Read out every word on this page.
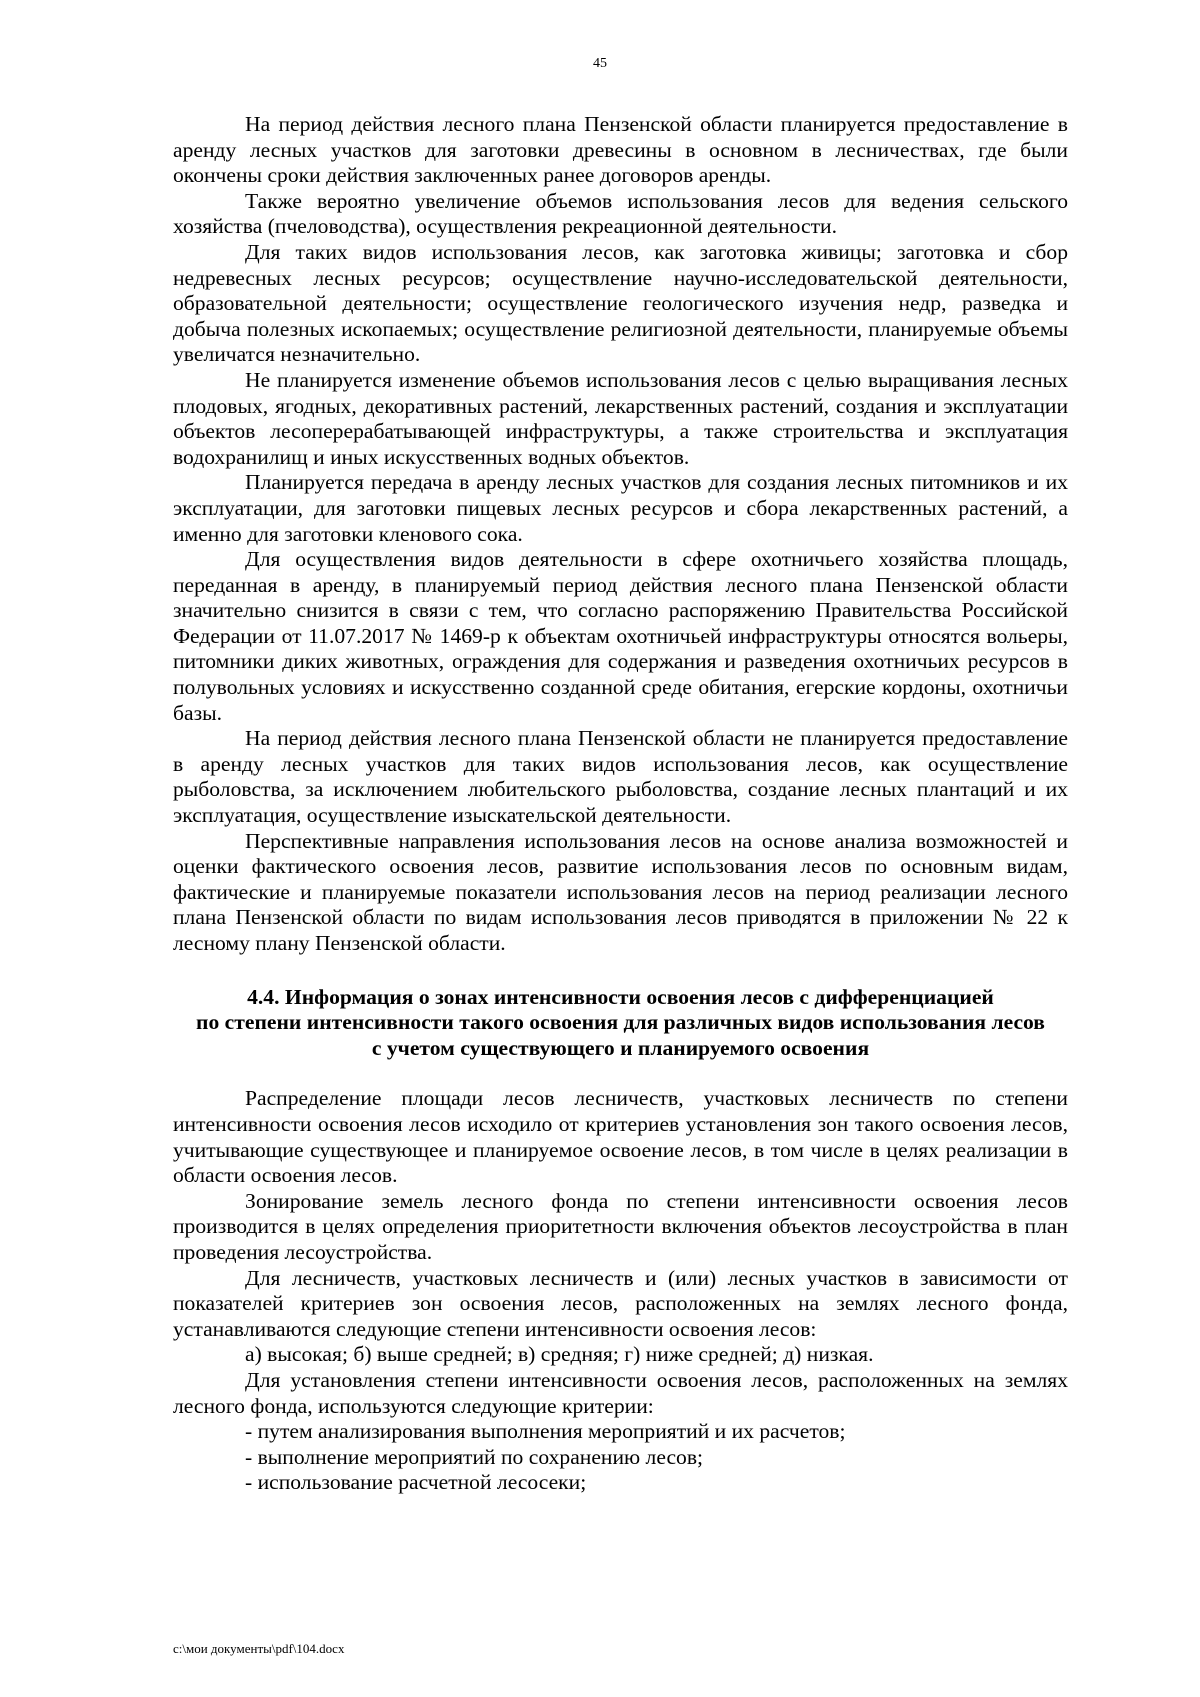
45

На период действия лесного плана Пензенской области планируется предоставление в аренду лесных участков для заготовки древесины в основном в лесничествах, где были окончены сроки действия заключенных ранее договоров аренды.

Также вероятно увеличение объемов использования лесов для ведения сельского хозяйства (пчеловодства), осуществления рекреационной деятельности.

Для таких видов использования лесов, как заготовка живицы; заготовка и сбор недревесных лесных ресурсов; осуществление научно-исследовательской деятельности, образовательной деятельности; осуществление геологического изучения недр, разведка и добыча полезных ископаемых; осуществление религиозной деятельности, планируемые объемы увеличатся незначительно.

Не планируется изменение объемов использования лесов с целью выращивания лесных плодовых, ягодных, декоративных растений, лекарственных растений, создания и эксплуатации объектов лесоперерабатывающей инфраструктуры, а также строительства и эксплуатация водохранилищ и иных искусственных водных объектов.

Планируется передача в аренду лесных участков для создания лесных питомников и их эксплуатации, для заготовки пищевых лесных ресурсов и сбора лекарственных растений, а именно для заготовки кленового сока.

Для осуществления видов деятельности в сфере охотничьего хозяйства площадь, переданная в аренду, в планируемый период действия лесного плана Пензенской области значительно снизится в связи с тем, что согласно распоряжению Правительства Российской Федерации от 11.07.2017 № 1469-р к объектам охотничьей инфраструктуры относятся вольеры, питомники диких животных, ограждения для содержания и разведения охотничьих ресурсов в полувольных условиях и искусственно созданной среде обитания, егерские кордоны, охотничьи базы.

На период действия лесного плана Пензенской области не планируется предоставление в аренду лесных участков для таких видов использования лесов, как осуществление рыболовства, за исключением любительского рыболовства, создание лесных плантаций и их эксплуатация, осуществление изыскательской деятельности.

Перспективные направления использования лесов на основе анализа возможностей и оценки фактического освоения лесов, развитие использования лесов по основным видам, фактические и планируемые показатели использования лесов на период реализации лесного плана Пензенской области по видам использования лесов приводятся в приложении № 22 к лесному плану Пензенской области.

4.4. Информация о зонах интенсивности освоения лесов с дифференциацией
по степени интенсивности такого освоения для различных видов использования лесов
с учетом существующего и планируемого освоения

Распределение площади лесов лесничеств, участковых лесничеств по степени интенсивности освоения лесов исходило от критериев установления зон такого освоения лесов, учитывающие существующее и планируемое освоение лесов, в том числе в целях реализации в области освоения лесов.

Зонирование земель лесного фонда по степени интенсивности освоения лесов производится в целях определения приоритетности включения объектов лесоустройства в план проведения лесоустройства.

Для лесничеств, участковых лесничеств и (или) лесных участков в зависимости от показателей критериев зон освоения лесов, расположенных на землях лесного фонда, устанавливаются следующие степени интенсивности освоения лесов:

а) высокая; б) выше средней; в) средняя; г) ниже средней; д) низкая.

Для установления степени интенсивности освоения лесов, расположенных на землях лесного фонда, используются следующие критерии:

- путем анализирования выполнения мероприятий и их расчетов;

- выполнение мероприятий по сохранению лесов;

- использование расчетной лесосеки;

с:\мои документы\pdf\104.docx
